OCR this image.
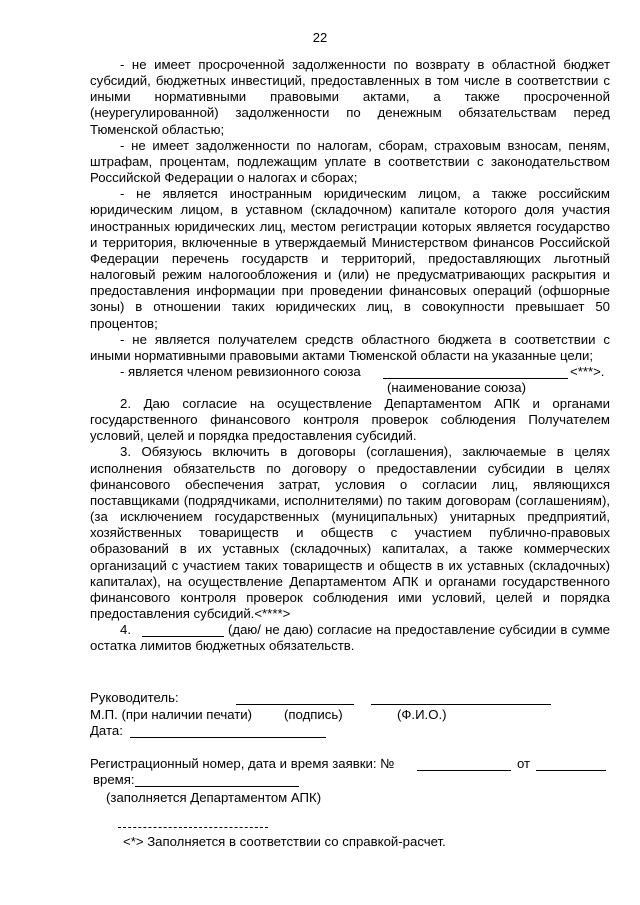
22

- не имеет просроченной задолженности по возврату в областной бюджет субсидий, бюджетных инвестиций, предоставленных в том числе в соответствии с иными нормативными правовыми актами, а также просроченной (неурегулированной) задолженности по денежным обязательствам перед Тюменской областью;

- не имеет задолженности по налогам, сборам, страховым взносам, пеням, штрафам, процентам, подлежащим уплате в соответствии с законодательством Российской Федерации о налогах и сборах;

- не является иностранным юридическим лицом, а также российским юридическим лицом, в уставном (складочном) капитале которого доля участия иностранных юридических лиц, местом регистрации которых является государство и территория, включенные в утверждаемый Министерством финансов Российской Федерации перечень государств и территорий, предоставляющих льготный налоговый режим налогообложения и (или) не предусматривающих раскрытия и предоставления информации при проведении финансовых операций (офшорные зоны) в отношении таких юридических лиц, в совокупности превышает 50 процентов;

- не является получателем средств областного бюджета в соответствии с иными нормативными правовыми актами Тюменской области на указанные цели;

- является членом ревизионного союза	<***>.
(наименование союза)

2. Даю согласие на осуществление Департаментом АПК и органами государственного финансового контроля проверок соблюдения Получателем условий, целей и порядка предоставления субсидий.

3. Обязуюсь включить в договоры (соглашения), заключаемые в целях исполнения обязательств по договору о предоставлении субсидии в целях финансового обеспечения затрат, условия о согласии лиц, являющихся поставщиками (подрядчиками, исполнителями) по таким договорам (соглашениям), (за исключением государственных (муниципальных) унитарных предприятий, хозяйственных товариществ и обществ с участием публично-правовых образований в их уставных (складочных) капиталах, а также коммерческих организаций с участием таких товариществ и обществ в их уставных (складочных) капиталах), на осуществление Департаментом АПК и органами государственного финансового контроля проверок соблюдения ими условий, целей и порядка предоставления субсидий.<****>

4.	(даю/ не даю) согласие на предоставление субсидии в сумме остатка лимитов бюджетных обязательств.

Руководитель:
М.П. (при наличии печати) (подпись)	(Ф.И.О.)
Дата:
Регистрационный номер, дата и время заявки: №	от
время:
(заполняется Департаментом АПК)
<*> Заполняется в соответствии со справкой-расчет.
